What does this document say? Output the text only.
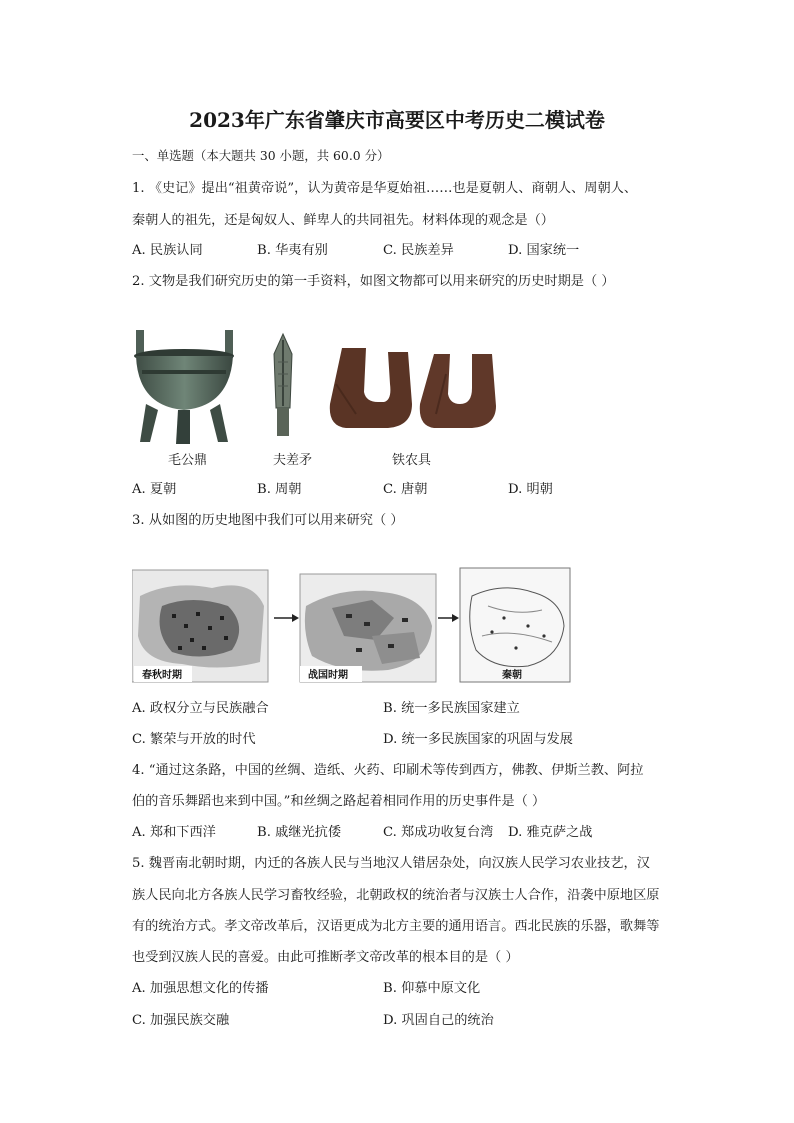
2023年广东省肇庆市高要区中考历史二模试卷
一、单选题（本大题共 30 小题，共 60.0 分）
1. 《史记》提出“祖黄帝说”，认为黄帝是华夏始祖……也是夏朝人、商朝人、周朝人、
秦朝人的祖先，还是匈奴人、鲜卑人的共同祖先。材料体现的观念是（）
A. 民族认同	B. 华夷有别	C. 民族差异	D. 国家统一
2. 文物是我们研究历史的第一手资料，如图文物都可以用来研究的历史时期是（ ）
毛公鼎	夫差矛	铁农具
A. 夏朝	B. 周朝	C. 唐朝	D. 明朝
3. 从如图的历史地图中我们可以用来研究（ ）
春秋时期	战国时期	秦朝
A. 政权分立与民族融合	B. 统一多民族国家建立
C. 繁荣与开放的时代	D. 统一多民族国家的巩固与发展
4. “通过这条路，中国的丝绸、造纸、火药、印刷术等传到西方，佛教、伊斯兰教、阿拉
伯的音乐舞蹈也来到中国。”和丝绸之路起着相同作用的历史事件是（ ）
A. 郑和下西洋	B. 戚继光抗倭	C. 郑成功收复台湾 D. 雅克萨之战
5. 魏晋南北朝时期，内迁的各族人民与当地汉人错居杂处，向汉族人民学习农业技艺，汉
族人民向北方各族人民学习畜牧经验，北朝政权的统治者与汉族士人合作，沿袭中原地区原
有的统治方式。孝文帝改革后，汉语更成为北方主要的通用语言。西北民族的乐器，歌舞等
也受到汉族人民的喜爱。由此可推断孝文帝改革的根本目的是（ ）
A. 加强思想文化的传播	B. 仰慕中原文化
C. 加强民族交融	D. 巩固自己的统治
